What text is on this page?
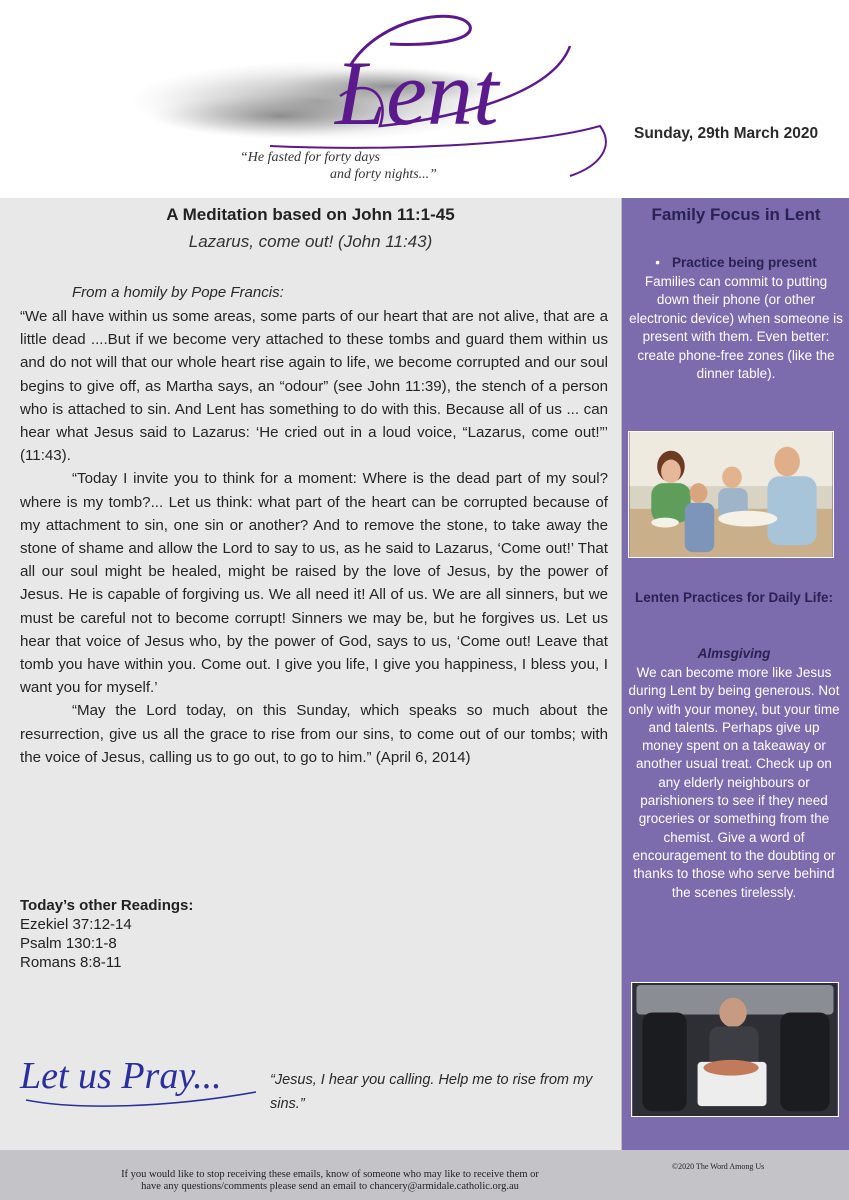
Lent
“He fasted for forty days
and forty nights...”
Sunday, 29th March 2020
A Meditation based on John 11:1-45
Lazarus, come out! (John 11:43)
From a homily by Pope Francis:

“We all have within us some areas, some parts of our heart that are not alive, that are a little dead ....But if we become very attached to these tombs and guard them within us and do not will that our whole heart rise again to life, we become corrupted and our soul begins to give off, as Martha says, an “odour” (see John 11:39), the stench of a person who is attached to sin. And Lent has something to do with this. Because all of us ... can hear what Jesus said to Lazarus: ‘He cried out in a loud voice, “Lazarus, come out!”’ (11:43).

“Today I invite you to think for a moment: Where is the dead part of my soul? where is my tomb?... Let us think: what part of the heart can be corrupted because of my attachment to sin, one sin or another? And to remove the stone, to take away the stone of shame and allow the Lord to say to us, as he said to Lazarus, ‘Come out!’ That all our soul might be healed, might be raised by the love of Jesus, by the power of Jesus. He is capable of forgiving us. We all need it! All of us. We are all sinners, but we must be careful not to become corrupt! Sinners we may be, but he forgives us. Let us hear that voice of Jesus who, by the power of God, says to us, ‘Come out! Leave that tomb you have within you. Come out. I give you life, I give you happiness, I bless you, I want you for myself.’

“May the Lord today, on this Sunday, which speaks so much about the resurrection, give us all the grace to rise from our sins, to come out of our tombs; with the voice of Jesus, calling us to go out, to go to him.” (April 6, 2014)

Today’s other Readings:
Ezekiel 37:12-14
Psalm 130:1-8
Romans 8:8-11
Let us Pray...	“Jesus, I hear you calling. Help me to rise from my sins.”
Family Focus in Lent
• Practice being present
Families can commit to putting down their phone (or other electronic device) when someone is present with them. Even better: create phone-free zones (like the dinner table).
Lenten Practices for Daily Life:
Almsgiving
We can become more like Jesus during Lent by being generous. Not only with your money, but your time and talents. Perhaps give up money spent on a takeaway or another usual treat. Check up on any elderly neighbours or parishioners to see if they need groceries or something from the chemist. Give a word of encouragement to the doubting or thanks to those who serve behind the scenes tirelessly.
If you would like to stop receiving these emails, know of someone who may like to receive them or
have any questions/comments please send an email to chancery@armidale.catholic.org.au
©2020 The Word Among Us
